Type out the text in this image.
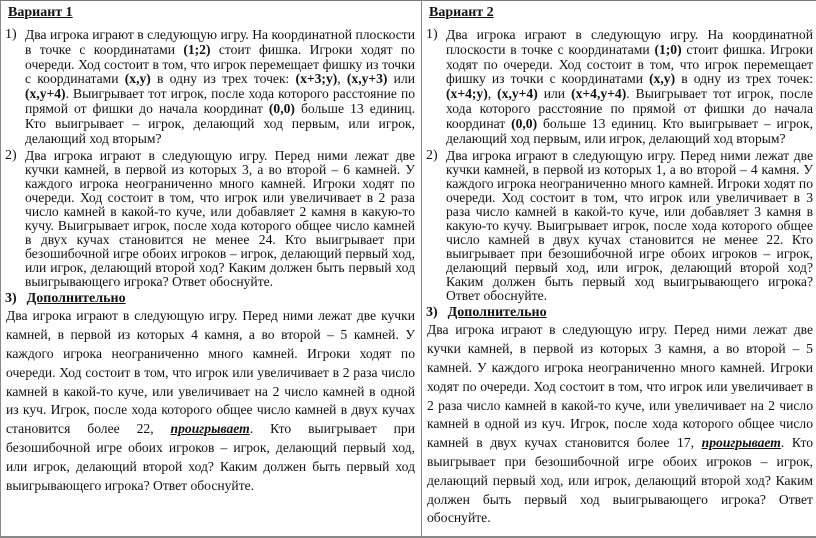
Вариант 1
1) Два игрока играют в следующую игру. На координатной плоскости в точке с координатами (1;2) стоит фишка. Игроки ходят по очереди. Ход состоит в том, что игрок перемещает фишку из точки с координатами (x,y) в одну из трех точек: (x+3;y), (x,y+3) или (x,y+4). Выигрывает тот игрок, после хода которого расстояние по прямой от фишки до начала координат (0,0) больше 13 единиц. Кто выигрывает – игрок, делающий ход первым, или игрок, делающий ход вторым?
2) Два игрока играют в следующую игру. Перед ними лежат две кучки камней, в первой из которых 3, а во второй – 6 камней. У каждого игрока неограниченно много камней. Игроки ходят по очереди. Ход состоит в том, что игрок или увеличивает в 2 раза число камней в какой-то куче, или добавляет 2 камня в какую-то кучу. Выигрывает игрок, после хода которого общее число камней в двух кучах становится не менее 24. Кто выигрывает при безошибочной игре обоих игроков – игрок, делающий первый ход, или игрок, делающий второй ход? Каким должен быть первый ход выигрывающего игрока? Ответ обоснуйте.
3) Дополнительно
Два игрока играют в следующую игру. Перед ними лежат две кучки камней, в первой из которых 4 камня, а во второй – 5 камней. У каждого игрока неограниченно много камней. Игроки ходят по очереди. Ход состоит в том, что игрок или увеличивает в 2 раза число камней в какой-то куче, или увеличивает на 2 число камней в одной из куч. Игрок, после хода которого общее число камней в двух кучах становится более 22, проигрывает. Кто выигрывает при безошибочной игре обоих игроков – игрок, делающий первый ход, или игрок, делающий второй ход? Каким должен быть первый ход выигрывающего игрока? Ответ обоснуйте.
Вариант 2
1) Два игрока играют в следующую игру. На координатной плоскости в точке с координатами (1;0) стоит фишка. Игроки ходят по очереди. Ход состоит в том, что игрок перемещает фишку из точки с координатами (x,y) в одну из трех точек: (x+4;y), (x,y+4) или (x+4,y+4). Выигрывает тот игрок, после хода которого расстояние по прямой от фишки до начала координат (0,0) больше 13 единиц. Кто выигрывает – игрок, делающий ход первым, или игрок, делающий ход вторым?
2) Два игрока играют в следующую игру. Перед ними лежат две кучки камней, в первой из которых 1, а во второй – 4 камня. У каждого игрока неограниченно много камней. Игроки ходят по очереди. Ход состоит в том, что игрок или увеличивает в 3 раза число камней в какой-то куче, или добавляет 3 камня в какую-то кучу. Выигрывает игрок, после хода которого общее число камней в двух кучах становится не менее 22. Кто выигрывает при безошибочной игре обоих игроков – игрок, делающий первый ход, или игрок, делающий второй ход? Каким должен быть первый ход выигрывающего игрока? Ответ обоснуйте.
3) Дополнительно
Два игрока играют в следующую игру. Перед ними лежат две кучки камней, в первой из которых 3 камня, а во второй – 5 камней. У каждого игрока неограниченно много камней. Игроки ходят по очереди. Ход состоит в том, что игрок или увеличивает в 2 раза число камней в какой-то куче, или увеличивает на 2 число камней в одной из куч. Игрок, после хода которого общее число камней в двух кучах становится более 17, проигрывает. Кто выигрывает при безошибочной игре обоих игроков – игрок, делающий первый ход, или игрок, делающий второй ход? Каким должен быть первый ход выигрывающего игрока? Ответ обоснуйте.
